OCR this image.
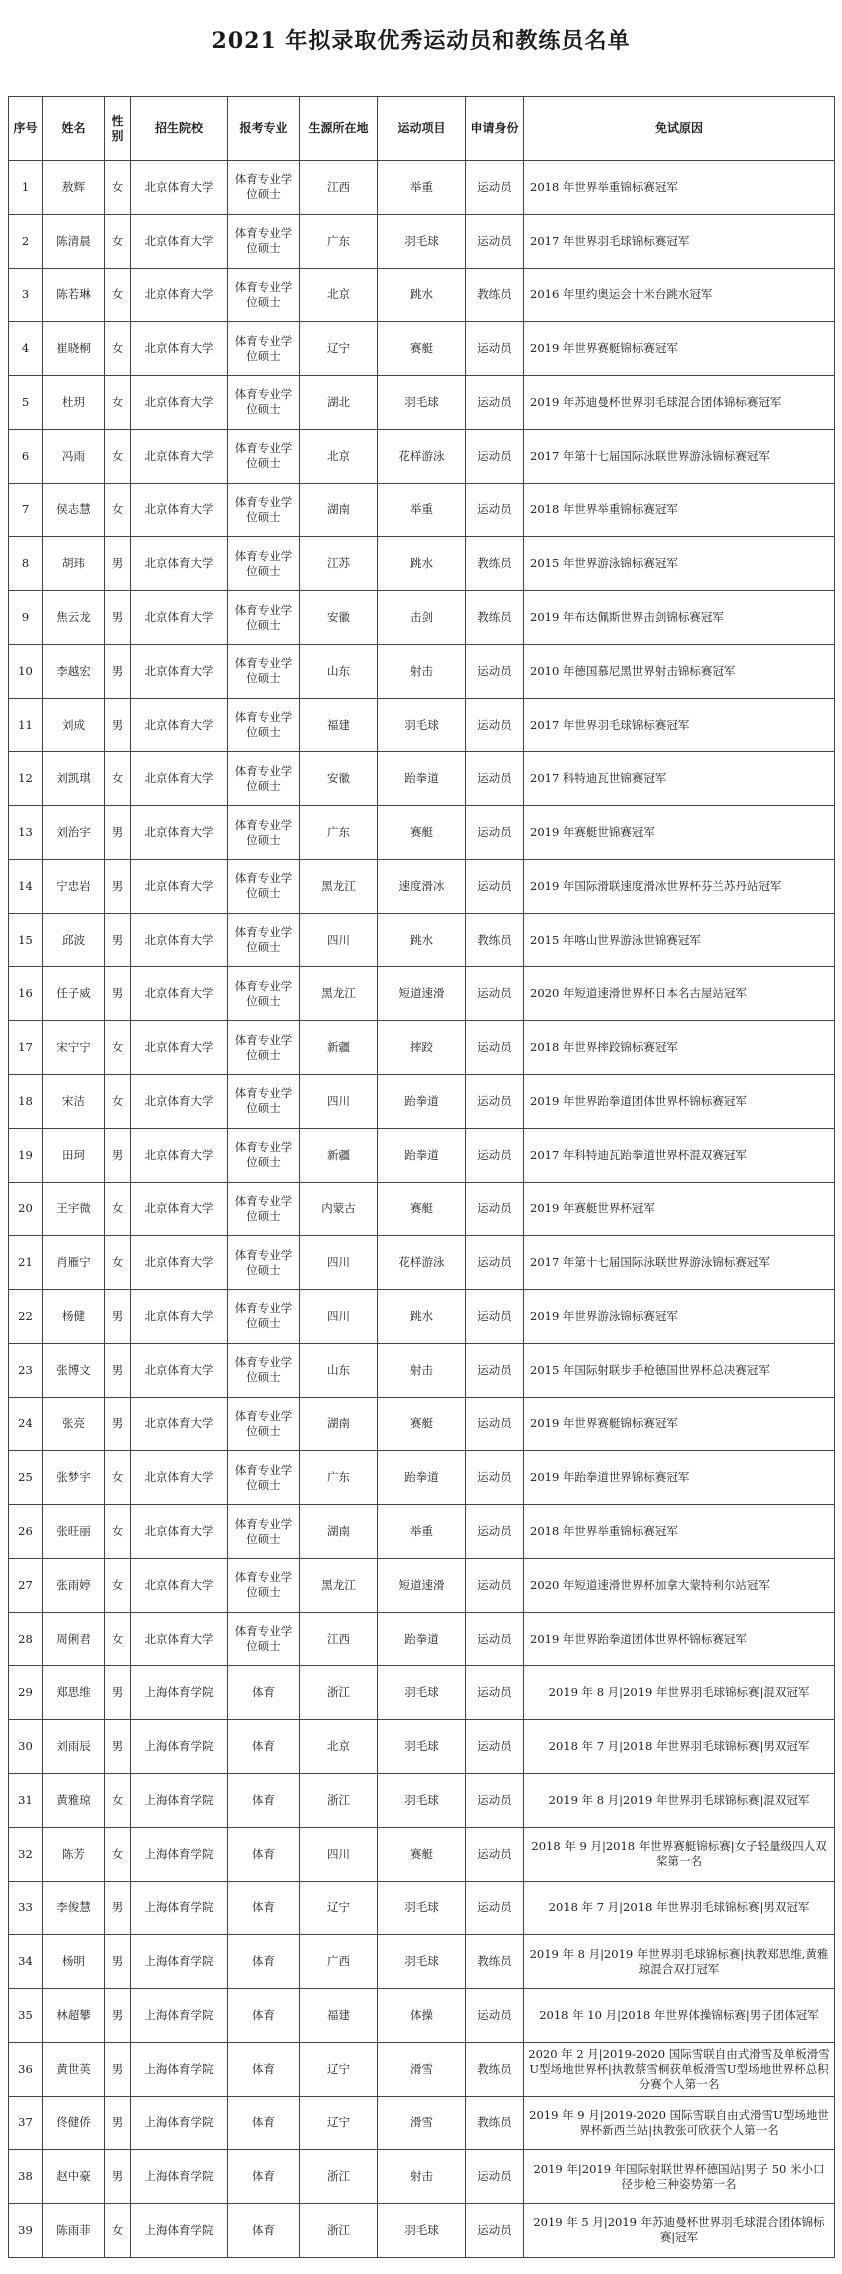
2021 年拟录取优秀运动员和教练员名单
序号	姓名	性别	招生院校	报考专业	生源所在地	运动项目	申请身份	免试原因
1	敖辉	女	北京体育大学	体育专业学位硕士	江西	举重	运动员	2018 年世界举重锦标赛冠军
2	陈清晨	女	北京体育大学	体育专业学位硕士	广东	羽毛球	运动员	2017 年世界羽毛球锦标赛冠军
3	陈若琳	女	北京体育大学	体育专业学位硕士	北京	跳水	教练员	2016 年里约奥运会十米台跳水冠军
4	崔晓桐	女	北京体育大学	体育专业学位硕士	辽宁	赛艇	运动员	2019 年世界赛艇锦标赛冠军
5	杜玥	女	北京体育大学	体育专业学位硕士	湖北	羽毛球	运动员	2019 年苏迪曼杯世界羽毛球混合团体锦标赛冠军
6	冯雨	女	北京体育大学	体育专业学位硕士	北京	花样游泳	运动员	2017 年第十七届国际泳联世界游泳锦标赛冠军
7	侯志慧	女	北京体育大学	体育专业学位硕士	湖南	举重	运动员	2018 年世界举重锦标赛冠军
8	胡玮	男	北京体育大学	体育专业学位硕士	江苏	跳水	教练员	2015 年世界游泳锦标赛冠军
9	焦云龙	男	北京体育大学	体育专业学位硕士	安徽	击剑	教练员	2019 年布达佩斯世界击剑锦标赛冠军
10	李越宏	男	北京体育大学	体育专业学位硕士	山东	射击	运动员	2010 年德国慕尼黑世界射击锦标赛冠军
11	刘成	男	北京体育大学	体育专业学位硕士	福建	羽毛球	运动员	2017 年世界羽毛球锦标赛冠军
12	刘凯琪	女	北京体育大学	体育专业学位硕士	安徽	跆拳道	运动员	2017 科特迪瓦世锦赛冠军
13	刘治宇	男	北京体育大学	体育专业学位硕士	广东	赛艇	运动员	2019 年赛艇世锦赛冠军
14	宁忠岩	男	北京体育大学	体育专业学位硕士	黑龙江	速度滑冰	运动员	2019 年国际滑联速度滑冰世界杯芬兰苏丹站冠军
15	邱波	男	北京体育大学	体育专业学位硕士	四川	跳水	教练员	2015 年喀山世界游泳世锦赛冠军
16	任子威	男	北京体育大学	体育专业学位硕士	黑龙江	短道速滑	运动员	2020 年短道速滑世界杯日本名古屋站冠军
17	宋宁宁	女	北京体育大学	体育专业学位硕士	新疆	摔跤	运动员	2018 年世界摔跤锦标赛冠军
18	宋洁	女	北京体育大学	体育专业学位硕士	四川	跆拳道	运动员	2019 年世界跆拳道团体世界杯锦标赛冠军
19	田珂	男	北京体育大学	体育专业学位硕士	新疆	跆拳道	运动员	2017 年科特迪瓦跆拳道世界杯混双赛冠军
20	王宇微	女	北京体育大学	体育专业学位硕士	内蒙古	赛艇	运动员	2019 年赛艇世界杯冠军
21	肖雁宁	女	北京体育大学	体育专业学位硕士	四川	花样游泳	运动员	2017 年第十七届国际泳联世界游泳锦标赛冠军
22	杨健	男	北京体育大学	体育专业学位硕士	四川	跳水	运动员	2019 年世界游泳锦标赛冠军
23	张博文	男	北京体育大学	体育专业学位硕士	山东	射击	运动员	2015 年国际射联步手枪德国世界杯总决赛冠军
24	张亮	男	北京体育大学	体育专业学位硕士	湖南	赛艇	运动员	2019 年世界赛艇锦标赛冠军
25	张梦宇	女	北京体育大学	体育专业学位硕士	广东	跆拳道	运动员	2019 年跆拳道世界锦标赛冠军
26	张旺丽	女	北京体育大学	体育专业学位硕士	湖南	举重	运动员	2018 年世界举重锦标赛冠军
27	张雨婷	女	北京体育大学	体育专业学位硕士	黑龙江	短道速滑	运动员	2020 年短道速滑世界杯加拿大蒙特利尔站冠军
28	周俐君	女	北京体育大学	体育专业学位硕士	江西	跆拳道	运动员	2019 年世界跆拳道团体世界杯锦标赛冠军
29	郑思维	男	上海体育学院	体育	浙江	羽毛球	运动员	2019 年 8 月|2019 年世界羽毛球锦标赛|混双冠军
30	刘雨辰	男	上海体育学院	体育	北京	羽毛球	运动员	2018 年 7 月|2018 年世界羽毛球锦标赛|男双冠军
31	黄雅琼	女	上海体育学院	体育	浙江	羽毛球	运动员	2019 年 8 月|2019 年世界羽毛球锦标赛|混双冠军
32	陈芳	女	上海体育学院	体育	四川	赛艇	运动员	2018 年 9 月|2018 年世界赛艇锦标赛|女子轻量级四人双桨第一名
33	李俊慧	男	上海体育学院	体育	辽宁	羽毛球	运动员	2018 年 7 月|2018 年世界羽毛球锦标赛|男双冠军
34	杨明	男	上海体育学院	体育	广西	羽毛球	教练员	2019 年 8 月|2019 年世界羽毛球锦标赛|执教郑思维,黄雅琼混合双打冠军
35	林超攀	男	上海体育学院	体育	福建	体操	运动员	2018 年 10 月|2018 年世界体操锦标赛|男子团体冠军
36	黄世英	男	上海体育学院	体育	辽宁	滑雪	教练员	2020 年 2 月|2019-2020 国际雪联自由式滑雪及单板滑雪U型场地世界杯|执教蔡雪桐获单板滑雪U型场地世界杯总积分赛个人第一名
37	佟健侨	男	上海体育学院	体育	辽宁	滑雪	教练员	2019 年 9 月|2019-2020 国际雪联自由式滑雪U型场地世界杯新西兰站|执教张可欣获个人第一名
38	赵中豪	男	上海体育学院	体育	浙江	射击	运动员	2019 年|2019 年国际射联世界杯德国站|男子 50 米小口径步枪三种姿势第一名
39	陈雨菲	女	上海体育学院	体育	浙江	羽毛球	运动员	2019 年 5 月|2019 年苏迪曼杯世界羽毛球混合团体锦标赛|冠军
